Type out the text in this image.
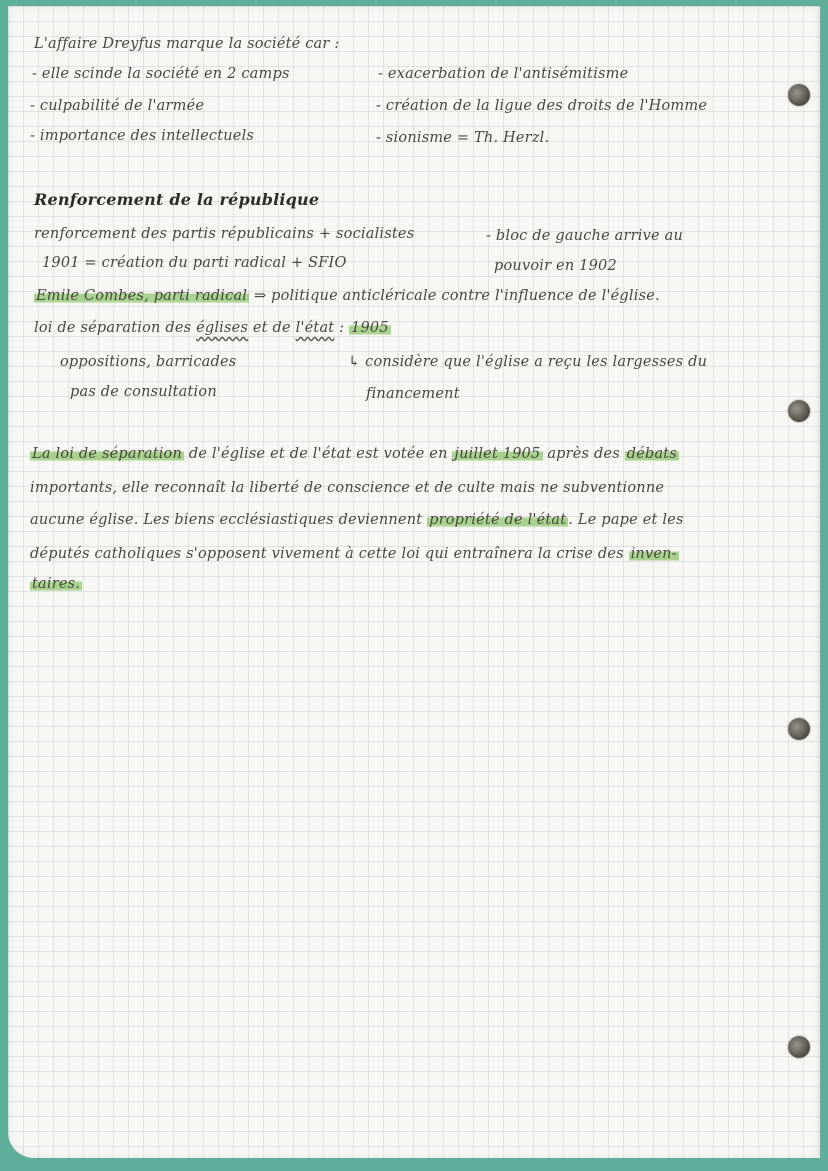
L'affaire Dreyfus marque la société car :
- elle scinde la société en 2 camps
- culpabilité de l'armée
- importance des intellectuels
- exacerbation de l'antisémitisme
- création de la ligue des droits de l'Homme
- sionisme = Th. Herzl.
Renforcement de la république
renforcement des partis républicains + socialistes
1901 = création du parti radical + SFIO
- bloc de gauche arrive au
pouvoir en 1902
Emile Combes, parti radical ⇒ politique anticléricale contre l'influence de l'église.
loi de séparation des églises et de l'état : 1905
oppositions, barricades
pas de consultation
↳ considère que l'église a reçu les largesses du
financement
La loi de séparation de l'église et de l'état est votée en juillet 1905 après des débats
importants, elle reconnaît la liberté de conscience et de culte mais ne subventionne
aucune église. Les biens ecclésiastiques deviennent propriété de l'état . Le pape et les
députés catholiques s'opposent vivement à cette loi qui entraînera la crise des inven-
taires.
